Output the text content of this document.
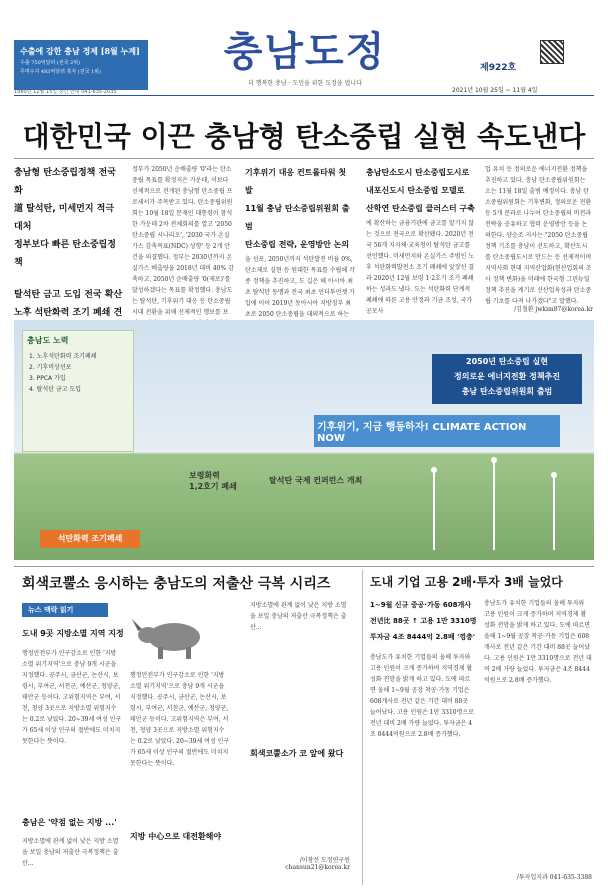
수출에 강한 충남 경제 [8월 누계]
수출 750억달러 (전국 2위)
무역수지 483억달러 흑자 (전국 1위)	충남도정
더 행복한 충남 · 도민을 위한 도정을 엽니다
제922호
2021년 10월 25일 ~ 11월 4일
1980년 12월 15일 창간 안내 041-635-2035
대한민국 이끈 충남형 탄소중립 실현 속도낸다
충남형 탄소중립정책 전국화
道 탈석탄, 미세먼지 적극 대처
정부보다 빠른 탄소중립정책
탈석탄 금고 도입 전국 확산
노후 석탄화력 조기 폐쇄 견
정부가 2050년 순배출량 '0'라는 탄소중립 목표를 확정지은 가운데, 이보다 선제적으로 전개된 충남형 탄소중립 프로세서가 주목받고 있다. 탄소중립위원회는 10월 18일 문재인 대통령이 참석한 가운데 2차 전체회의를 열고 '2050 탄소중립 시나리오', '2030 국가 온실가스 감축목표(NDC) 상향' 등 2개 안건을 의결했다. 정부는 2030년까지 온실가스 배출량을 2018년 대비 40% 감축하고, 2050년 순배출량 '0(제로)'를 달성하겠다는 목표를 확정했다. 충남도는 탈석탄, 기후위기 대응 등 탄소중립 시대 전환을 위해 선제적인 행보를 보
기후위기 대응 컨트롤타워 첫 발
11월 충남 탄소중립위원회 출범
탄소중립 전략, 운영방안 논의
을 선포, 2050년까지 석탄발전 비율 0%, 탄소제로 실현 등 원대한 목표를 수립해 각종 정책을 추진하고, 도 길은 해 아시아 최초 탈석탄 동맹과 전국 최초 언더투언젯 가입에 이어 2019년 동아시아 지방정부 최초로 2050 탄소중립을 대외적으로 하는
충남탄소도시 탄소중립도시로
내포신도시 탄소중립 모델로
산학연 탄소중립 클러스터 구축
에 확산하는 금융기관에 금고를 맡기지 않는 것으로 전국으로 확산됐다. 2020년 전국 56개 지자체·교육청이 탈석탄 금고를 선언했다. 미세먼지와 온실가스 주범인 노후 석탄화력발전소 조기 폐쇄에 앞장선 결과 2020년 12월 보령 1·2호기 조기 폐쇄하는 성과도 냈다. 도는 석탄화력 단계적 폐쇄에 따른 고용 안정과 기금 조성, 국가 공모사
업 유치 등 정의로운 에너지전환 정책을 추진하고 있다. 충남 탄소중립위원회는 오는 11월 18일 출범 예정이다. 충남 탄소중립위원회는 기후변화, 정의로운 전환 등 5개 분과로 나누어 탄소중립의 비전과 전략을 공유하고 협력 운영방안 등을 논의한다. 양승조 지사는 "2050 탄소중립 정책 기조를 충남이 선도하고, 확산도시를 탄소중립도시로 만드는 등 선제적이며 지역사회 현대 지역산업화(현산업회의 조사 정책 변화)을 미래에 한국형 그린뉴딜 정책 추진을 계기로 신산업육성과 탄소중립 기초를 다져 나가겠다"고 말했다.
/김철환 jwkim87@korea.kr
충남도 노력
1. 노후석탄화력 조기폐쇄
2. 기후비상선포
3. PPCA 가입
4. 탈석탄 금고 도입
기후위기, 지금 행동하자! CLIMATE ACTION NOW
보령화력
1,2호기 폐쇄
탈석탄 국제 컨퍼런스 개최
2050년 탄소중립 실현
정의로운 에너지전환 정책추진
충남 탄소중립위원회 출범
석탄화력 조기폐쇄
회색코뿔소 응시하는 충남도의 저출산 극복 시리즈
뉴스 맥락 읽기
도내 9곳 지방소멸 지역 지정
행정안전부가 인구감소로 인한 '지방소멸 위기지역'으로 충남 9개 시군을 지정했다. 공주시, 금산군, 논산시, 보령시, 부여군, 서천군, 예산군, 청양군, 태안군 등이다. 고위험지역은 부여, 서천, 청양 3곳으로 지방소멸 위험지수는 0.2로 낮았다. 20~39세 여성 인구가 65세 이상 인구의 절반에도 미치지 못한다는 뜻이다.
충남은 '약점 없는 지방 ...'
지방소멸에 관계 없이 낮은 지방 소멸을 보일 충남의 저출산 극복정책은 출산...
행정안전부가 인구감소로 인한 '지방소멸 위기지역'으로 충남 9개 시군을 지정했다. 공주시, 금산군, 논산시, 보령시, 부여군, 서천군, 예산군, 청양군, 태안군 등이다. 고위험지역은 부여, 서천, 청양 3곳으로 지방소멸 위험지수는 0.2로 낮았다. 20~39세 여성 인구가 65세 이상 인구의 절반에도 미치지 못한다는 뜻이다.
지방 中心으로 대전환해야
회색코뿔소가 코 앞에 왔다
지방소멸에 관계 없이 낮은 지방 소멸을 보일 충남의 저출산 극복정책은 출산...
/이창선 도정연구원 chansun21@korea.kr
도내 기업 고용 2배·투자 3배 늘었다
1~9월 신규 중공·가동 608개사
전년比 88곳 ↑ 고용 1만 3310명
투자금 4조 8444억 2.8배 '껑충'
충남도가 유치한 기업들의 올해 투자와 고용 인원이 크게 증가하며 지역경제 활성화 전망을 밝게 하고 있다. 도에 따르면 올해 1~9월 공장 착공·가동 기업은 608개사로 전년 같은 기간 대비 88곳 늘어났다. 고용 인원은 1만 3310명으로 전년 대비 2배 가량 늘었다. 투자금은 4조 8444억원으로 2.8배 증가했다.
충남도가 유치한 기업들의 올해 투자와 고용 인원이 크게 증가하며 지역경제 활성화 전망을 밝게 하고 있다. 도에 따르면 올해 1~9월 공장 착공·가동 기업은 608개사로 전년 같은 기간 대비 88곳 늘어났다. 고용 인원은 1만 3310명으로 전년 대비 2배 가량 늘었다. 투자금은 4조 8444억원으로 2.8배 증가했다.
/투자입지과 041-635-3388
